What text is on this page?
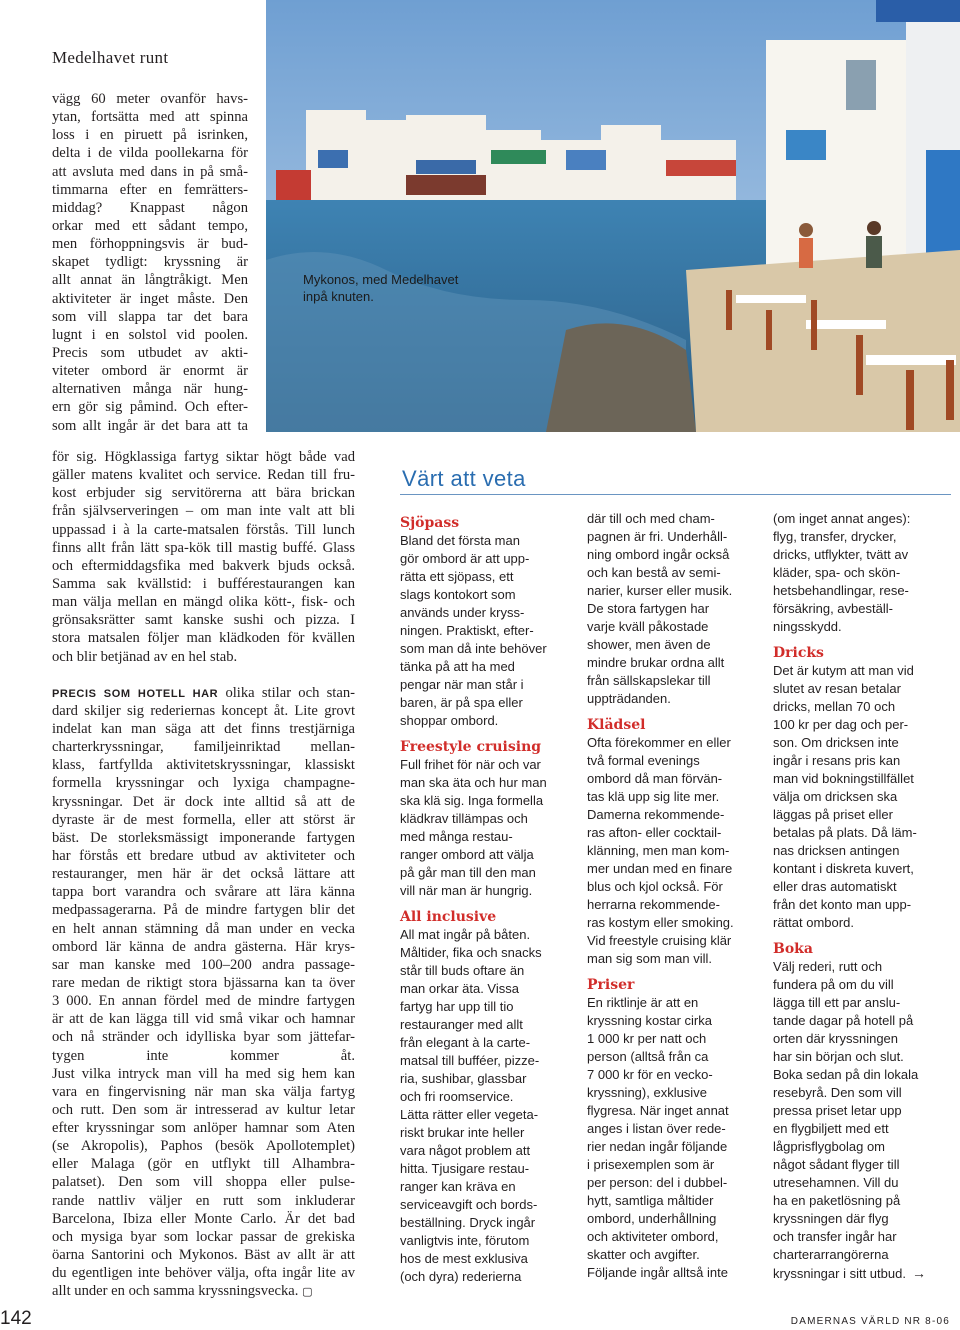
Medelhavet runt
Mykonos, med Medelhavet
inpå knuten.
vägg 60 meter ovanför havs-
ytan, fortsätta med att spinna
loss i en piruett på isrinken,
delta i de vilda poollekarna för
att avsluta med dans in på små-
timmarna efter en femrätters-
middag? Knappast någon
orkar med ett sådant tempo,
men förhoppningsvis är bud-
skapet tydligt: kryssning är
allt annat än långtråkigt. Men
aktiviteter är inget måste. Den
som vill slappa tar det bara
lugnt i en solstol vid poolen.
Precis som utbudet av akti-
viteter ombord är enormt är
alternativen många när hung-
ern gör sig påmind. Och efter-
som allt ingår är det bara att ta
för sig. Högklassiga fartyg siktar högt både vad
gäller matens kvalitet och service. Redan till fru-
kost erbjuder sig servitörerna att bära brickan
från självserveringen – om man inte valt att bli
uppassad i à la carte-matsalen förstås. Till lunch
finns allt från lätt spa-kök till mastig buffé. Glass
och eftermiddagsfika med bakverk bjuds också.
Samma sak kvällstid: i bufférestaurangen kan
man välja mellan en mängd olika kött-, fisk- och
grönsaksrätter samt kanske sushi och pizza. I
stora matsalen följer man klädkoden för kvällen
och blir betjänad av en hel stab.
PRECIS SOM HOTELL HAR olika stilar och stan-
dard skiljer sig rederiernas koncept åt. Lite grovt
indelat kan man säga att det finns trestjärniga
charterkryssningar, familjeinriktad mellan-
klass, fartfyllda aktivitetskryssningar, klassiskt
formella kryssningar och lyxiga champagne-
kryssningar. Det är dock inte alltid så att de
dyraste är de mest formella, eller att störst är
bäst. De storleksmässigt imponerande fartygen
har förstås ett bredare utbud av aktiviteter och
restauranger, men här är det också lättare att
tappa bort varandra och svårare att lära känna
medpassagerarna. På de mindre fartygen blir det
en helt annan stämning då man under en vecka
ombord lär känna de andra gästerna. Här krys-
sar man kanske med 100–200 andra passage-
rare medan de riktigt stora bjässarna kan ta över
3 000. En annan fördel med de mindre fartygen
är att de kan lägga till vid små vikar och hamnar
och nå stränder och idylliska byar som jättefar-
tygen inte kommer åt.
Just vilka intryck man vill ha med sig hem kan
vara en fingervisning när man ska välja fartyg
och rutt. Den som är intresserad av kultur letar
efter kryssningar som anlöper hamnar som Aten
(se Akropolis), Paphos (besök Apollotemplet)
eller Malaga (gör en utflykt till Alhambra-
palatset). Den som vill shoppa eller pulse-
rande nattliv väljer en rutt som inkluderar
Barcelona, Ibiza eller Monte Carlo. Är det bad
och mysiga byar som lockar passar de grekiska
öarna Santorini och Mykonos. Bäst av allt är att
du egentligen inte behöver välja, ofta ingår lite av
allt under en och samma kryssningsvecka. ▢
Värt att veta
Sjöpass
Bland det första man
gör ombord är att upp-
rätta ett sjöpass, ett
slags kontokort som
används under kryss-
ningen. Praktiskt, efter-
som man då inte behöver
tänka på att ha med
pengar när man står i
baren, är på spa eller
shoppar ombord.
Freestyle cruising
Full frihet för när och var
man ska äta och hur man
ska klä sig. Inga formella
klädkrav tillämpas och
med många restau-
ranger ombord att välja
på går man till den man
vill när man är hungrig.
All inclusive
All mat ingår på båten.
Måltider, fika och snacks
står till buds oftare än
man orkar äta. Vissa
fartyg har upp till tio
restauranger med allt
från elegant à la carte-
matsal till bufféer, pizze-
ria, sushibar, glassbar
och fri roomservice.
Lätta rätter eller vegeta-
riskt brukar inte heller
vara något problem att
hitta. Tjusigare restau-
ranger kan kräva en
serviceavgift och bords-
beställning. Dryck ingår
vanligtvis inte, förutom
hos de mest exklusiva
(och dyra) rederierna
där till och med cham-
pagnen är fri. Underhåll-
ning ombord ingår också
och kan bestå av semi-
narier, kurser eller musik.
De stora fartygen har
varje kväll påkostade
shower, men även de
mindre brukar ordna allt
från sällskapslekar till
uppträdanden.
Klädsel
Ofta förekommer en eller
två formal evenings
ombord då man förvän-
tas klä upp sig lite mer.
Damerna rekommende-
ras afton- eller cocktail-
klänning, men man kom-
mer undan med en finare
blus och kjol också. För
herrarna rekommende-
ras kostym eller smoking.
Vid freestyle cruising klär
man sig som man vill.
Priser
En riktlinje är att en
kryssning kostar cirka
1 000 kr per natt och
person (alltså från ca
7 000 kr för en vecko-
kryssning), exklusive
flygresa. När inget annat
anges i listan över rede-
rier nedan ingår följande
i prisexemplen som är
per person: del i dubbel-
hytt, samtliga måltider
ombord, underhållning
och aktiviteter ombord,
skatter och avgifter.
Följande ingår alltså inte
(om inget annat anges):
flyg, transfer, drycker,
dricks, utflykter, tvätt av
kläder, spa- och skön-
hetsbehandlingar, rese-
försäkring, avbeställ-
ningsskydd.
Dricks
Det är kutym att man vid
slutet av resan betalar
dricks, mellan 70 och
100 kr per dag och per-
son. Om dricksen inte
ingår i resans pris kan
man vid bokningstillfället
välja om dricksen ska
läggas på priset eller
betalas på plats. Då läm-
nas dricksen antingen
kontant i diskreta kuvert,
eller dras automatiskt
från det konto man upp-
rättat ombord.
Boka
Välj rederi, rutt och
fundera på om du vill
lägga till ett par anslu-
tande dagar på hotell på
orten där kryssningen
har sin början och slut.
Boka sedan på din lokala
resebyrå. Den som vill
pressa priset letar upp
en flygbiljett med ett
lågprisflygbolag om
något sådant flyger till
utresehamnen. Vill du
ha en paketlösning på
kryssningen där flyg
och transfer ingår har
charterarrangörerna
kryssningar i sitt utbud. →
142	DAMERNAS VÄRLD NR 8-06
